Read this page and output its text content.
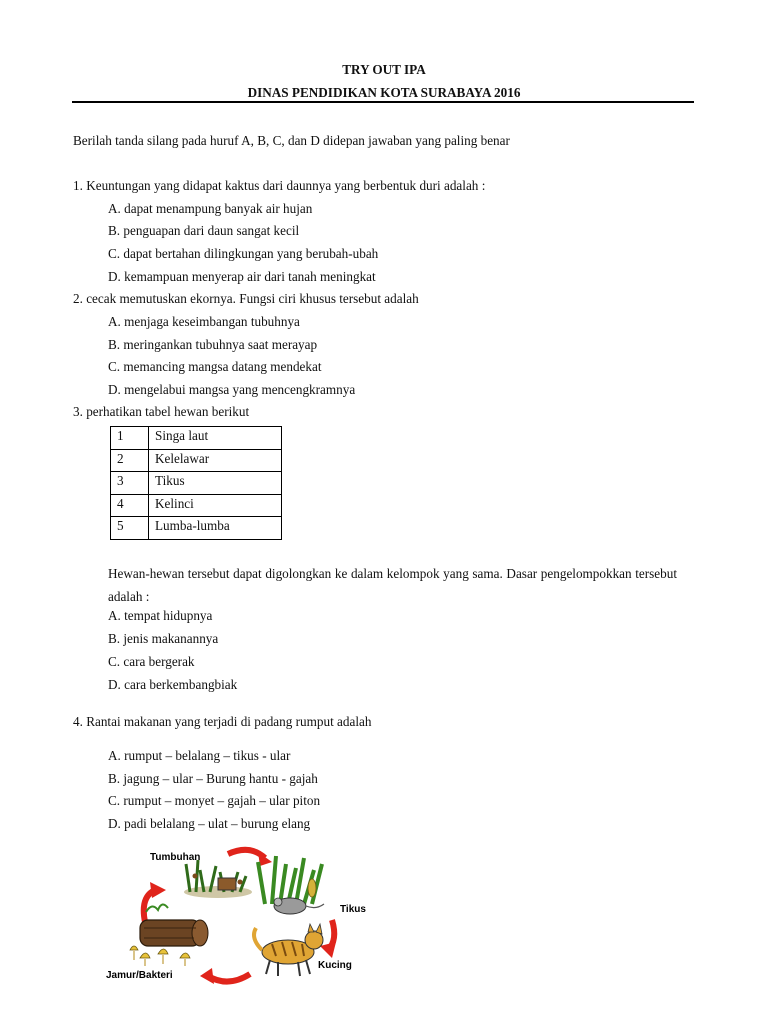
TRY OUT IPA
DINAS PENDIDIKAN KOTA SURABAYA 2016
Berilah tanda silang pada huruf A, B, C, dan D didepan jawaban yang paling benar
1. Keuntungan yang didapat kaktus dari daunnya yang berbentuk duri adalah :
A. dapat menampung banyak air hujan
B. penguapan dari daun sangat kecil
C. dapat bertahan dilingkungan yang berubah-ubah
D. kemampuan menyerap air dari tanah meningkat
2. cecak memutuskan ekornya. Fungsi ciri khusus tersebut adalah
A. menjaga keseimbangan tubuhnya
B. meringankan tubuhnya saat merayap
C. memancing mangsa datang mendekat
D. mengelabui mangsa yang mencengkramnya
3. perhatikan tabel hewan berikut
1	Singa laut
2	Kelelawar
3	Tikus
4	Kelinci
5	Lumba-lumba
Hewan-hewan tersebut dapat digolongkan ke dalam kelompok yang sama. Dasar pengelompokkan tersebut adalah :
A. tempat hidupnya
B. jenis makanannya
C. cara bergerak
D. cara berkembangbiak
4. Rantai makanan yang terjadi di padang rumput adalah
A. rumput – belalang – tikus - ular
B. jagung – ular – Burung hantu - gajah
C. rumput – monyet – gajah – ular piton
D. padi belalang – ulat – burung elang
Tumbuhan
Tikus
Kucing
Jamur/Bakteri
